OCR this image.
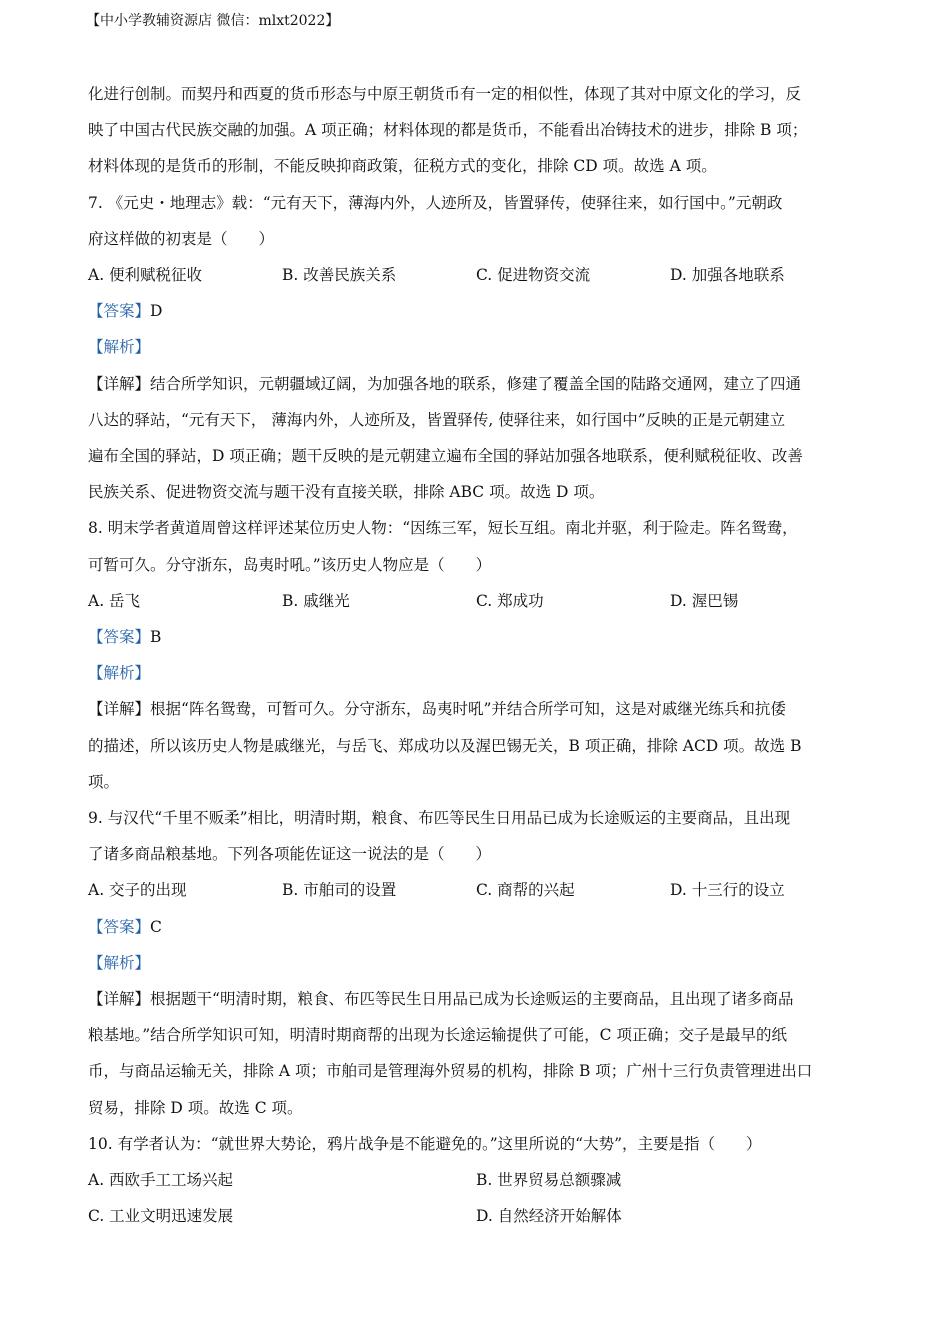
【中小学教辅资源店 微信：mlxt2022】

化进行创制。而契丹和西夏的货币形态与中原王朝货币有一定的相似性，体现了其对中原文化的学习，反

映了中国古代民族交融的加强。A 项正确；材料体现的都是货币，不能看出冶铸技术的进步，排除 B 项；

材料体现的是货币的形制，不能反映抑商政策，征税方式的变化，排除 CD 项。故选 A 项。

7. 《元史・地理志》载：“元有天下，薄海内外，人迹所及，皆置驿传，使驿往来，如行国中。”元朝政

府这样做的初衷是（　　）

A. 便利赋税征收	B. 改善民族关系	C. 促进物资交流	D. 加强各地联系

【答案】D

【解析】

【详解】结合所学知识，元朝疆域辽阔，为加强各地的联系，修建了覆盖全国的陆路交通网，建立了四通

八达的驿站，“元有天下， 薄海内外，人迹所及，皆置驿传, 使驿往来，如行国中”反映的正是元朝建立

遍布全国的驿站，D 项正确；题干反映的是元朝建立遍布全国的驿站加强各地联系，便利赋税征收、改善

民族关系、促进物资交流与题干没有直接关联，排除 ABC 项。故选 D 项。

8. 明末学者黄道周曾这样评述某位历史人物：“因练三军，短长互组。南北并驱，利于险走。阵名鸳鸯，

可暂可久。分守浙东，岛夷时吼。”该历史人物应是（　　）

A. 岳飞	B. 戚继光	C. 郑成功	D. 渥巴锡

【答案】B

【解析】

【详解】根据“阵名鸳鸯，可暂可久。分守浙东，岛夷时吼”并结合所学可知，这是对戚继光练兵和抗倭

的描述，所以该历史人物是戚继光，与岳飞、郑成功以及渥巴锡无关，B 项正确，排除 ACD 项。故选 B

项。

9. 与汉代“千里不贩柔”相比，明清时期，粮食、布匹等民生日用品已成为长途贩运的主要商品，且出现

了诸多商品粮基地。下列各项能佐证这一说法的是（　　）

A. 交子的出现	B. 市舶司的设置	C. 商帮的兴起	D. 十三行的设立

【答案】C

【解析】

【详解】根据题干“明清时期，粮食、布匹等民生日用品已成为长途贩运的主要商品，且出现了诸多商品

粮基地。”结合所学知识可知，明清时期商帮的出现为长途运输提供了可能，C 项正确；交子是最早的纸

币，与商品运输无关，排除 A 项；市舶司是管理海外贸易的机构，排除 B 项；广州十三行负责管理进出口

贸易，排除 D 项。故选 C 项。

10. 有学者认为：“就世界大势论，鸦片战争是不能避免的。”这里所说的“大势”，主要是指（　　）

A. 西欧手工工场兴起	B. 世界贸易总额骤减
C. 工业文明迅速发展	D. 自然经济开始解体
